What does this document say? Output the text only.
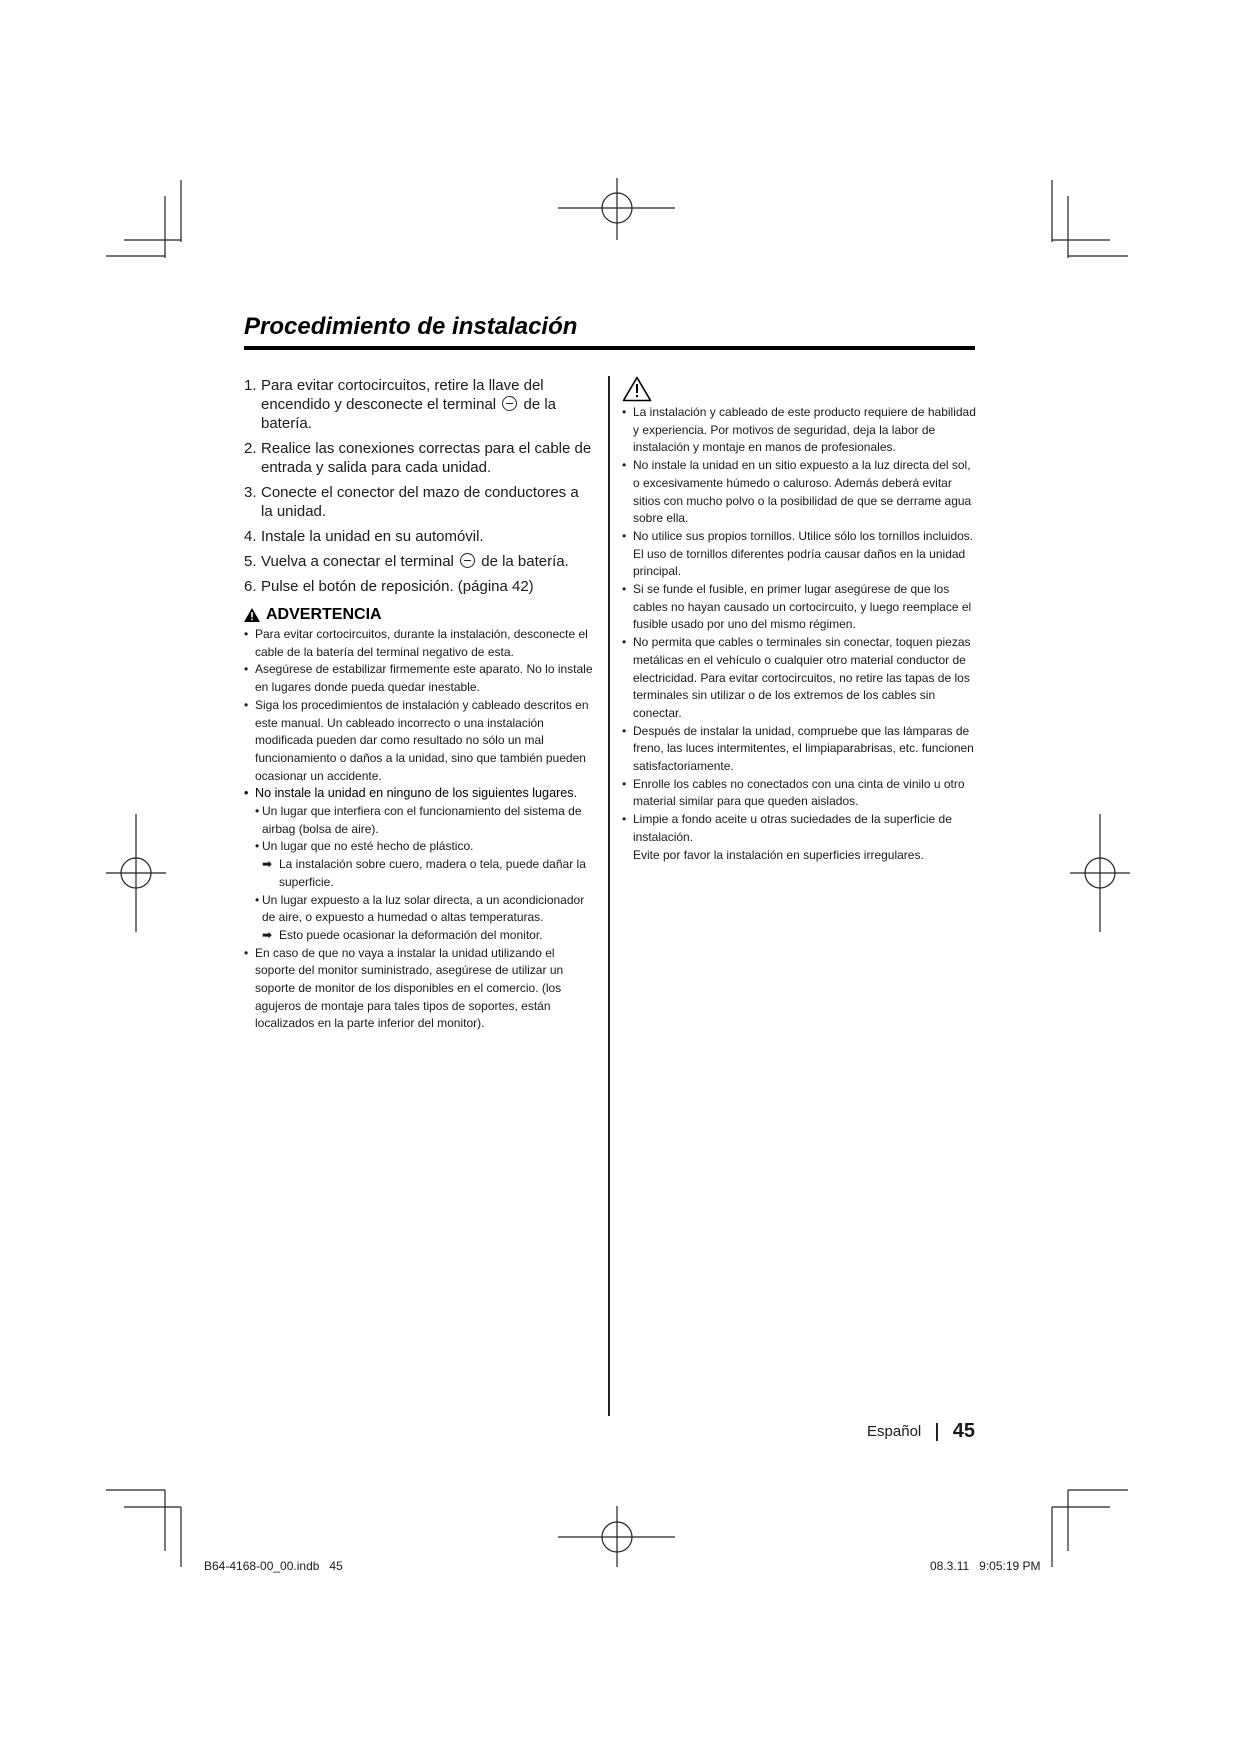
Procedimiento de instalación
1. Para evitar cortocircuitos, retire la llave del encendido y desconecte el terminal de la batería.
2. Realice las conexiones correctas para el cable de entrada y salida para cada unidad.
3. Conecte el conector del mazo de conductores a la unidad.
4. Instale la unidad en su automóvil.
5. Vuelva a conectar el terminal de la batería.
6. Pulse el botón de reposición. (página 42)
ADVERTENCIA
• Para evitar cortocircuitos, durante la instalación, desconecte el cable de la batería del terminal negativo de esta.
• Asegúrese de estabilizar firmemente este aparato. No lo instale en lugares donde pueda quedar inestable.
• Siga los procedimientos de instalación y cableado descritos en este manual. Un cableado incorrecto o una instalación modificada pueden dar como resultado no sólo un mal funcionamiento o daños a la unidad, sino que también pueden ocasionar un accidente.
• No instale la unidad en ninguno de los siguientes lugares.
• Un lugar que interfiera con el funcionamiento del sistema de airbag (bolsa de aire).
• Un lugar que no esté hecho de plástico.
➡ La instalación sobre cuero, madera o tela, puede dañar la superficie.
• Un lugar expuesto a la luz solar directa, a un acondicionador de aire, o expuesto a humedad o altas temperaturas.
➡ Esto puede ocasionar la deformación del monitor.
• En caso de que no vaya a instalar la unidad utilizando el soporte del monitor suministrado, asegúrese de utilizar un soporte de monitor de los disponibles en el comercio. (los agujeros de montaje para tales tipos de soportes, están localizados en la parte inferior del monitor).
• La instalación y cableado de este producto requiere de habilidad y experiencia. Por motivos de seguridad, deja la labor de instalación y montaje en manos de profesionales.
• No instale la unidad en un sitio expuesto a la luz directa del sol, o excesivamente húmedo o caluroso. Además deberá evitar sitios con mucho polvo o la posibilidad de que se derrame agua sobre ella.
• No utilice sus propios tornillos. Utilice sólo los tornillos incluidos. El uso de tornillos diferentes podría causar daños en la unidad principal.
• Si se funde el fusible, en primer lugar asegúrese de que los cables no hayan causado un cortocircuito, y luego reemplace el fusible usado por uno del mismo régimen.
• No permita que cables o terminales sin conectar, toquen piezas metálicas en el vehículo o cualquier otro material conductor de electricidad. Para evitar cortocircuitos, no retire las tapas de los terminales sin utilizar o de los extremos de los cables sin conectar.
• Después de instalar la unidad, compruebe que las lámparas de freno, las luces intermitentes, el limpiaparabrisas, etc. funcionen satisfactoriamente.
• Enrolle los cables no conectados con una cinta de vinilo u otro material similar para que queden aislados.
• Limpie a fondo aceite u otras suciedades de la superficie de instalación.
Evite por favor la instalación en superficies irregulares.
Español 45
B64-4168-00_00.indb   45	08.3.11   9:05:19 PM
